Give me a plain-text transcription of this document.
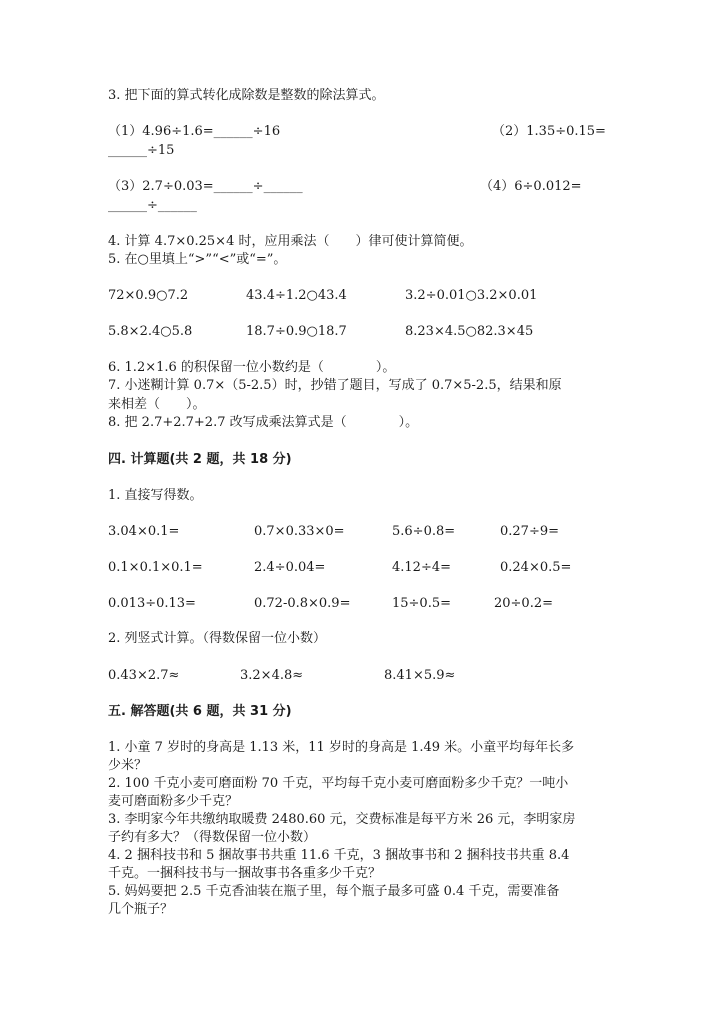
3. 把下面的算式转化成除数是整数的除法算式。
（1）4.96÷1.6=______÷16	（2）1.35÷0.15=
______÷15
（3）2.7÷0.03=______÷______	（4）6÷0.012=
______÷______
4. 计算 4.7×0.25×4 时，应用乘法（　　）律可使计算简便。
5. 在○里填上“>”“<”或“=”。
72×0.9○7.2	43.4÷1.2○43.4	3.2÷0.01○3.2×0.01
5.8×2.4○5.8	18.7÷0.9○18.7	8.23×4.5○82.3×45
6. 1.2×1.6 的积保留一位小数约是（　　　　）。
7. 小迷糊计算 0.7×（5-2.5）时，抄错了题目，写成了 0.7×5-2.5，结果和原
来相差（　　）。
8. 把 2.7+2.7+2.7 改写成乘法算式是（　　　　）。
四. 计算题(共 2 题，共 18 分)
1. 直接写得数。
3.04×0.1=	0.7×0.33×0=	5.6÷0.8=	0.27÷9=
0.1×0.1×0.1=	2.4÷0.04=	4.12÷4=	0.24×0.5=
0.013÷0.13=	0.72-0.8×0.9=	15÷0.5=	20÷0.2=
2. 列竖式计算。（得数保留一位小数）
0.43×2.7≈	3.2×4.8≈	8.41×5.9≈
五. 解答题(共 6 题，共 31 分)
1. 小童 7 岁时的身高是 1.13 米，11 岁时的身高是 1.49 米。小童平均每年长多
少米？
2. 100 千克小麦可磨面粉 70 千克，平均每千克小麦可磨面粉多少千克？一吨小
麦可磨面粉多少千克？
3. 李明家今年共缴纳取暖费 2480.60 元，交费标准是每平方米 26 元，李明家房
子约有多大？（得数保留一位小数）
4. 2 捆科技书和 5 捆故事书共重 11.6 千克，3 捆故事书和 2 捆科技书共重 8.4
千克。一捆科技书与一捆故事书各重多少千克？
5. 妈妈要把 2.5 千克香油装在瓶子里，每个瓶子最多可盛 0.4 千克，需要准备
几个瓶子？
